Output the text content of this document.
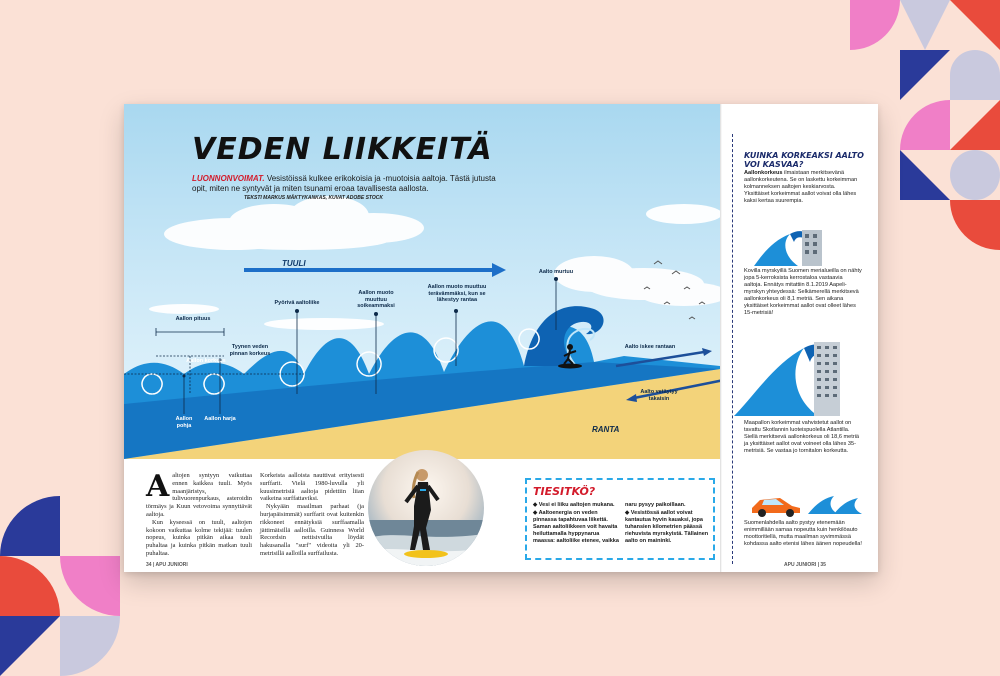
VEDEN LIIKKEITÄ
LUONNONVOIMAT. Vesistöissä kulkee erikokoisia ja -muotoisia aaltoja. Tästä jutusta opit, miten ne syntyvät ja miten tsunami eroaa tavallisesta aallosta.
TEKSTI MARKUS MÄKTYKANKAS, KUVAT ADOBE STOCK
TUULI
RANTA
Aallon pituus
Aallon korkeus
Tyynen veden pinnan korkeus
Aallon pohja
Aallon harja
Pyörivä aaltoliike
Aallon muoto muuttuu soikeammaksi
Aallon muoto muuttuu terävämmäksi, kun se lähestyy rantaa
Aalto murtuu
Aalto iskee rantaan
Aalto vetäytyy takaisin
A altojen syntyyn vaikuttaa ennen kaikkea tuuli. Myös maanjäristys, tulivuorenpurkaus, asteroidin törmäys ja Kuun vetovoima synnyttävät aaltoja.

Kun kyseessä on tuuli, aaltojen kokoon vaikuttaa kolme tekijää: tuulen nopeus, kuinka pitkän aikaa tuuli puhaltaa ja kuinka pitkän matkan tuuli puhaltaa.

Korkeista aalloista nauttivat erityisesti surffarit. Vielä 1980-luvulla yli kuusimetrisiä aaltoja pidettiin liian vaikeina surffattaviksi.

Nykyään maailman parhaat (ja hurjapäisimmät) surffarit ovat kuitenkin rikkoneet ennätyksiä surffaamalla jättimäisillä aalloilla. Guinness World Recordsin nettisivuilta löydät hakusanalla "surf" videoita yli 20-metrisillä aalloilla surffailusta.

TIESITKÖ?

◆ Vesi ei liiku aaltojen mukana.

◆ Aaltoenergia on veden pinnassa tapahtuvaa liikettä. Saman aaltoliikkeen voit havaita heiluttamalla hyppynarua maassa: aaltoliike etenee, vaikka

naru pysyy paikoillaan.

◆ Vesistössä aallot voivat kantautua hyvin kauaksi, jopa tuhansien kilometrien päässä riehuvista myrskyistä. Tällainen aalto on maininki.

34 | APU JUNIORI	APU JUNIORI | 35
KUINKA KORKEAKSI AALTO VOI KASVAA?
Aallonkorkeus ilmaistaan merkitsevänä aallonkorkeutena. Se on laskettu korkeimman kolmanneksen aaltojen keskiarvosta. Yksittäiset korkeimmat aallot voivat olla lähes kaksi kertaa suurempia.
Kovilla myrskyillä Suomen merialueilla on nähty jopa 5-kerroksista kerrostaloa vastaavia aaltoja. Ennätys mitattiin 8.1.2019 Aapeli-myrskyn yhteydessä: Selkämerellä merkitsevä aallonkorkeus oli 8,1 metriä. Sen aikana yksittäiset korkeimmat aallot ovat olleet lähes 15-metrisiä!
Maapallon korkeimmat vahvistetut aallot on tavattu Skotlannin luoteispuolella Atlantilla. Siellä merkitsevä aallonkorkeus oli 18,6 metriä ja yksittäiset aallot ovat voineet olla lähes 35-metrisiä. Se vastaa jo tornitalon korkeutta.
Suomenlahdella aalto pystyy etenemään enimmillään samaa nopeutta kuin henkilöauto moottoritiellä, mutta maailman syvimmässä kohdassa aalto etenisi lähes äänen nopeudella!
